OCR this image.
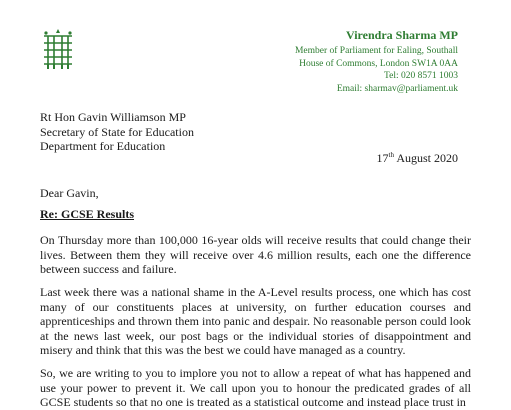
Virendra Sharma MP
Member of Parliament for Ealing, Southall
House of Commons, London SW1A 0AA
Tel: 020 8571 1003
Email: sharmav@parliament.uk
Rt Hon Gavin Williamson MP
Secretary of State for Education
Department for Education
17th August 2020
Dear Gavin,
Re: GCSE Results

On Thursday more than 100,000 16-year olds will receive results that could change their lives. Between them they will receive over 4.6 million results, each one the difference between success and failure.

Last week there was a national shame in the A-Level results process, one which has cost many of our constituents places at university, on further education courses and apprenticeships and thrown them into panic and despair. No reasonable person could look at the news last week, our post bags or the individual stories of disappointment and misery and think that this was the best we could have managed as a country.

So, we are writing to you to implore you not to allow a repeat of what has happened and use your power to prevent it. We call upon you to honour the predicated grades of all GCSE students so that no one is treated as a statistical outcome and instead place trust in
